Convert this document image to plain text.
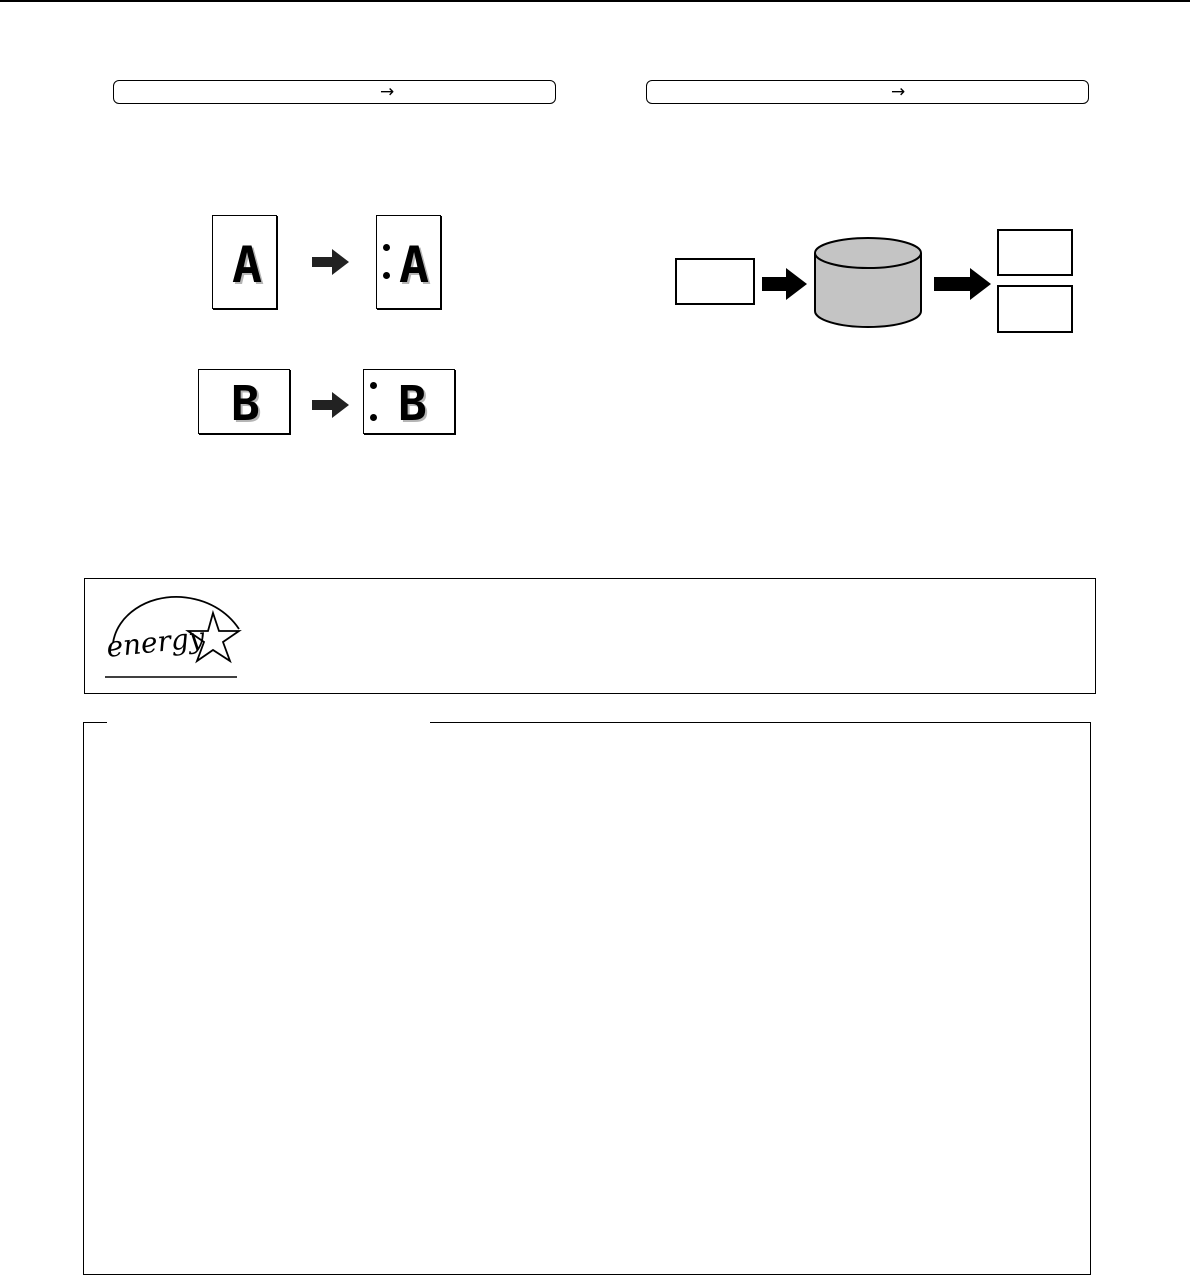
→	→
A	A
B	B
energy
